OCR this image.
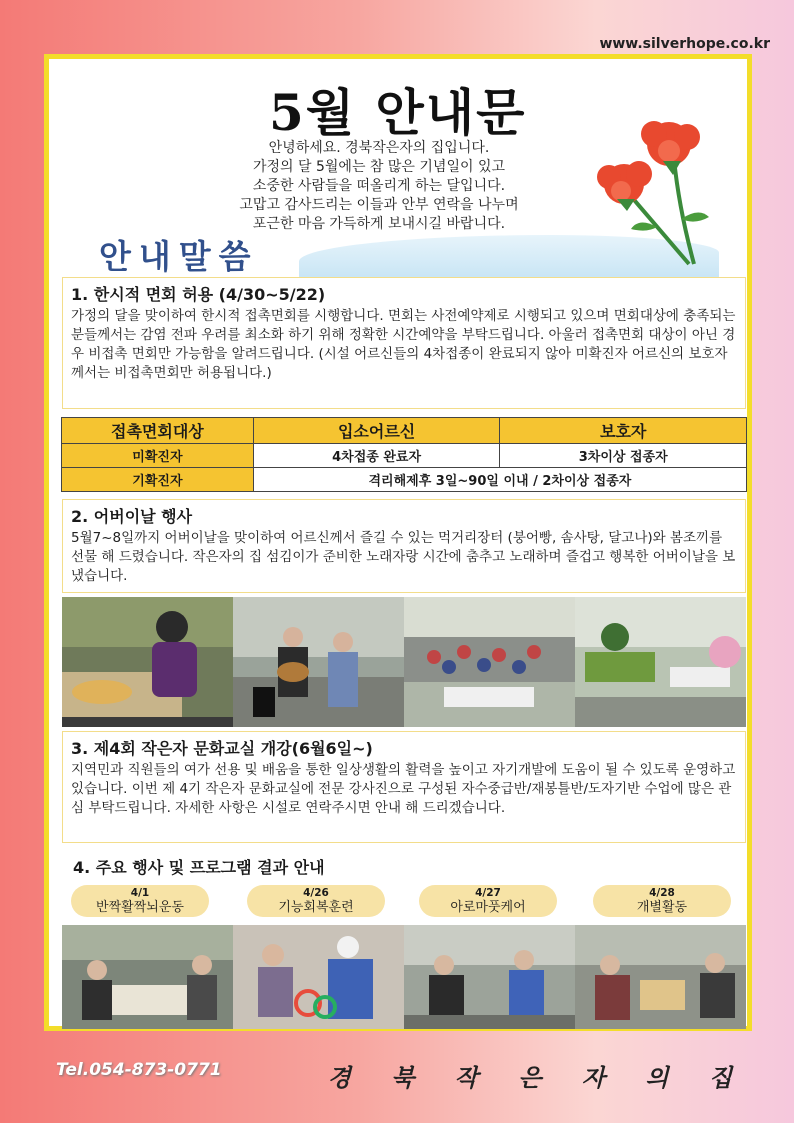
www.silverhope.co.kr
5월 안내문
안녕하세요. 경북작은자의 집입니다.
가정의 달 5월에는 참 많은 기념일이 있고
소중한 사람들을 떠올리게 하는 달입니다.
고맙고 감사드리는 이들과 안부 연락을 나누며
포근한 마음 가득하게 보내시길 바랍니다.
안내말씀
1. 한시적 면회 허용 (4/30~5/22)

가정의 달을 맞이하여 한시적 접촉면회를 시행합니다. 면회는 사전예약제로 시행되고 있으며 면회대상에 충족되는 분들께서는 감염 전파 우려를 최소화 하기 위해 정확한 시간예약을 부탁드립니다. 아울러 접촉면회 대상이 아닌 경우 비접촉 면회만 가능함을 알려드립니다. (시설 어르신들의 4차접종이 완료되지 않아 미확진자 어르신의 보호자께서는 비접촉면회만 허용됩니다.)

접촉면회대상	입소어르신	보호자
미확진자	4차접종 완료자	3차이상 접종자
기확진자	격리해제후 3일~90일 이내 / 2차이상 접종자	
2. 어버이날 행사

5월7~8일까지 어버이날을 맞이하여 어르신께서 즐길 수 있는 먹거리장터 (붕어빵, 솜사탕, 달고나)와 봄조끼를 선물 해 드렸습니다. 작은자의 집 섬김이가 준비한 노래자랑 시간에 춤추고 노래하며 즐겁고 행복한 어버이날을 보냈습니다.

3. 제4회 작은자 문화교실 개강(6월6일~)

지역민과 직원들의 여가 선용 및 배움을 통한 일상생활의 활력을 높이고 자기개발에 도움이 될 수 있도록 운영하고 있습니다. 이번 제 4기 작은자 문화교실에 전문 강사진으로 구성된 자수중급반/재봉틀반/도자기반 수업에 많은 관심 부탁드립니다. 자세한 사항은 시설로 연락주시면 안내 해 드리겠습니다.

4. 주요 행사 및 프로그램 결과 안내
4/1
반짝활짝뇌운동
4/26
기능회복훈련
4/27
아로마풋케어
4/28
개별활동
Tel.054-873-0771	경 북 작 은 자 의 집
